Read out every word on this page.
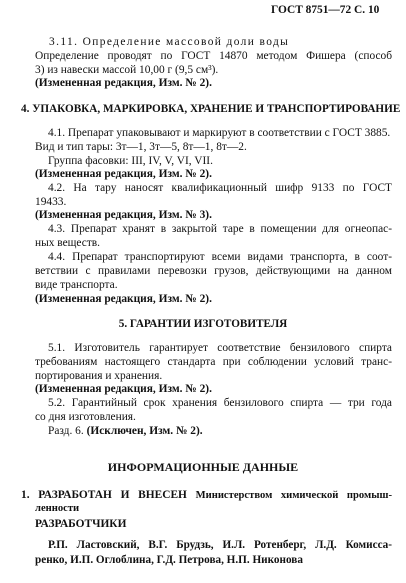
ГОСТ 8751—72 С. 10
3.11. Определение массовой доли воды
Определение проводят по ГОСТ 14870 методом Фишера (способ
3) из навески массой 10,00 г (9,5 см³).
(Измененная редакция, Изм. № 2).
4. УПАКОВКА, МАРКИРОВКА, ХРАНЕНИЕ И ТРАНСПОРТИРОВАНИЕ
4.1. Препарат упаковывают и маркируют в соответствии с ГОСТ 3885.
Вид и тип тары: 3т—1, 3т—5, 8т—1, 8т—2.
Группа фасовки: III, IV, V, VI, VII.
(Измененная редакция, Изм. № 2).
4.2. На тару наносят квалификационный шифр 9133 по ГОСТ
19433.
(Измененная редакция, Изм. № 3).
4.3. Препарат хранят в закрытой таре в помещении для огнеопас-
ных веществ.
4.4. Препарат транспортируют всеми видами транспорта, в соот-
ветствии с правилами перевозки грузов, действующими на данном
виде транспорта.
(Измененная редакция, Изм. № 2).
5. ГАРАНТИИ ИЗГОТОВИТЕЛЯ
5.1. Изготовитель гарантирует соответствие бензилового спирта
требованиям настоящего стандарта при соблюдении условий транс-
портирования и хранения.
(Измененная редакция, Изм. № 2).
5.2. Гарантийный срок хранения бензилового спирта — три года
со дня изготовления.
Разд. 6. (Исключен, Изм. № 2).
ИНФОРМАЦИОННЫЕ ДАННЫЕ
1. РАЗРАБОТАН И ВНЕСЕН Министерством химической промыш-
ленности
РАЗРАБОТЧИКИ
Р.П. Ластовский, В.Г. Брудзь, И.Л. Ротенберг, Л.Д. Комисса-
ренко, И.П. Оглоблина, Г.Д. Петрова, Н.П. Никонова
